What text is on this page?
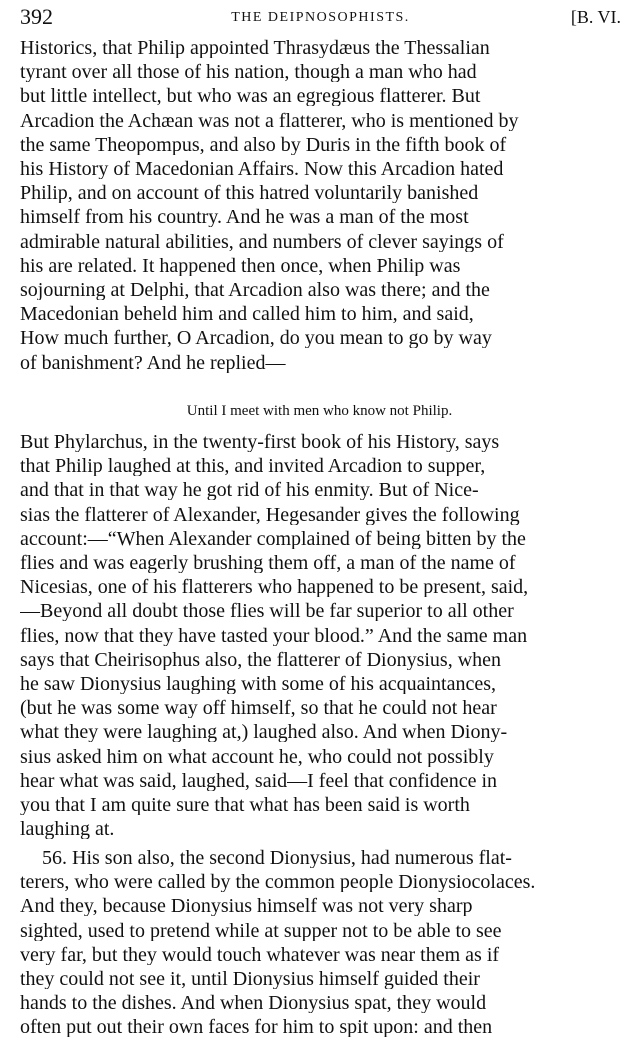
392	THE DEIPNOSOPHISTS.	[B. VI.
Historics, that Philip appointed Thrasydæus the Thessalian
tyrant over all those of his nation, though a man who had
but little intellect, but who was an egregious flatterer. But
Arcadion the Achæan was not a flatterer, who is mentioned by
the same Theopompus, and also by Duris in the fifth book of
his History of Macedonian Affairs. Now this Arcadion hated
Philip, and on account of this hatred voluntarily banished
himself from his country. And he was a man of the most
admirable natural abilities, and numbers of clever sayings of
his are related. It happened then once, when Philip was
sojourning at Delphi, that Arcadion also was there; and the
Macedonian beheld him and called him to him, and said,
How much further, O Arcadion, do you mean to go by way
of banishment? And he replied—
Until I meet with men who know not Philip.
But Phylarchus, in the twenty-first book of his History, says
that Philip laughed at this, and invited Arcadion to supper,
and that in that way he got rid of his enmity. But of Nice-
sias the flatterer of Alexander, Hegesander gives the following
account:—“When Alexander complained of being bitten by the
flies and was eagerly brushing them off, a man of the name of
Nicesias, one of his flatterers who happened to be present, said,
—Beyond all doubt those flies will be far superior to all other
flies, now that they have tasted your blood.” And the same man
says that Cheirisophus also, the flatterer of Dionysius, when
he saw Dionysius laughing with some of his acquaintances,
(but he was some way off himself, so that he could not hear
what they were laughing at,) laughed also. And when Diony-
sius asked him on what account he, who could not possibly
hear what was said, laughed, said—I feel that confidence in
you that I am quite sure that what has been said is worth
laughing at.
56. His son also, the second Dionysius, had numerous flat-
terers, who were called by the common people Dionysiocolaces.
And they, because Dionysius himself was not very sharp
sighted, used to pretend while at supper not to be able to see
very far, but they would touch whatever was near them as if
they could not see it, until Dionysius himself guided their
hands to the dishes. And when Dionysius spat, they would
often put out their own faces for him to spit upon: and then
